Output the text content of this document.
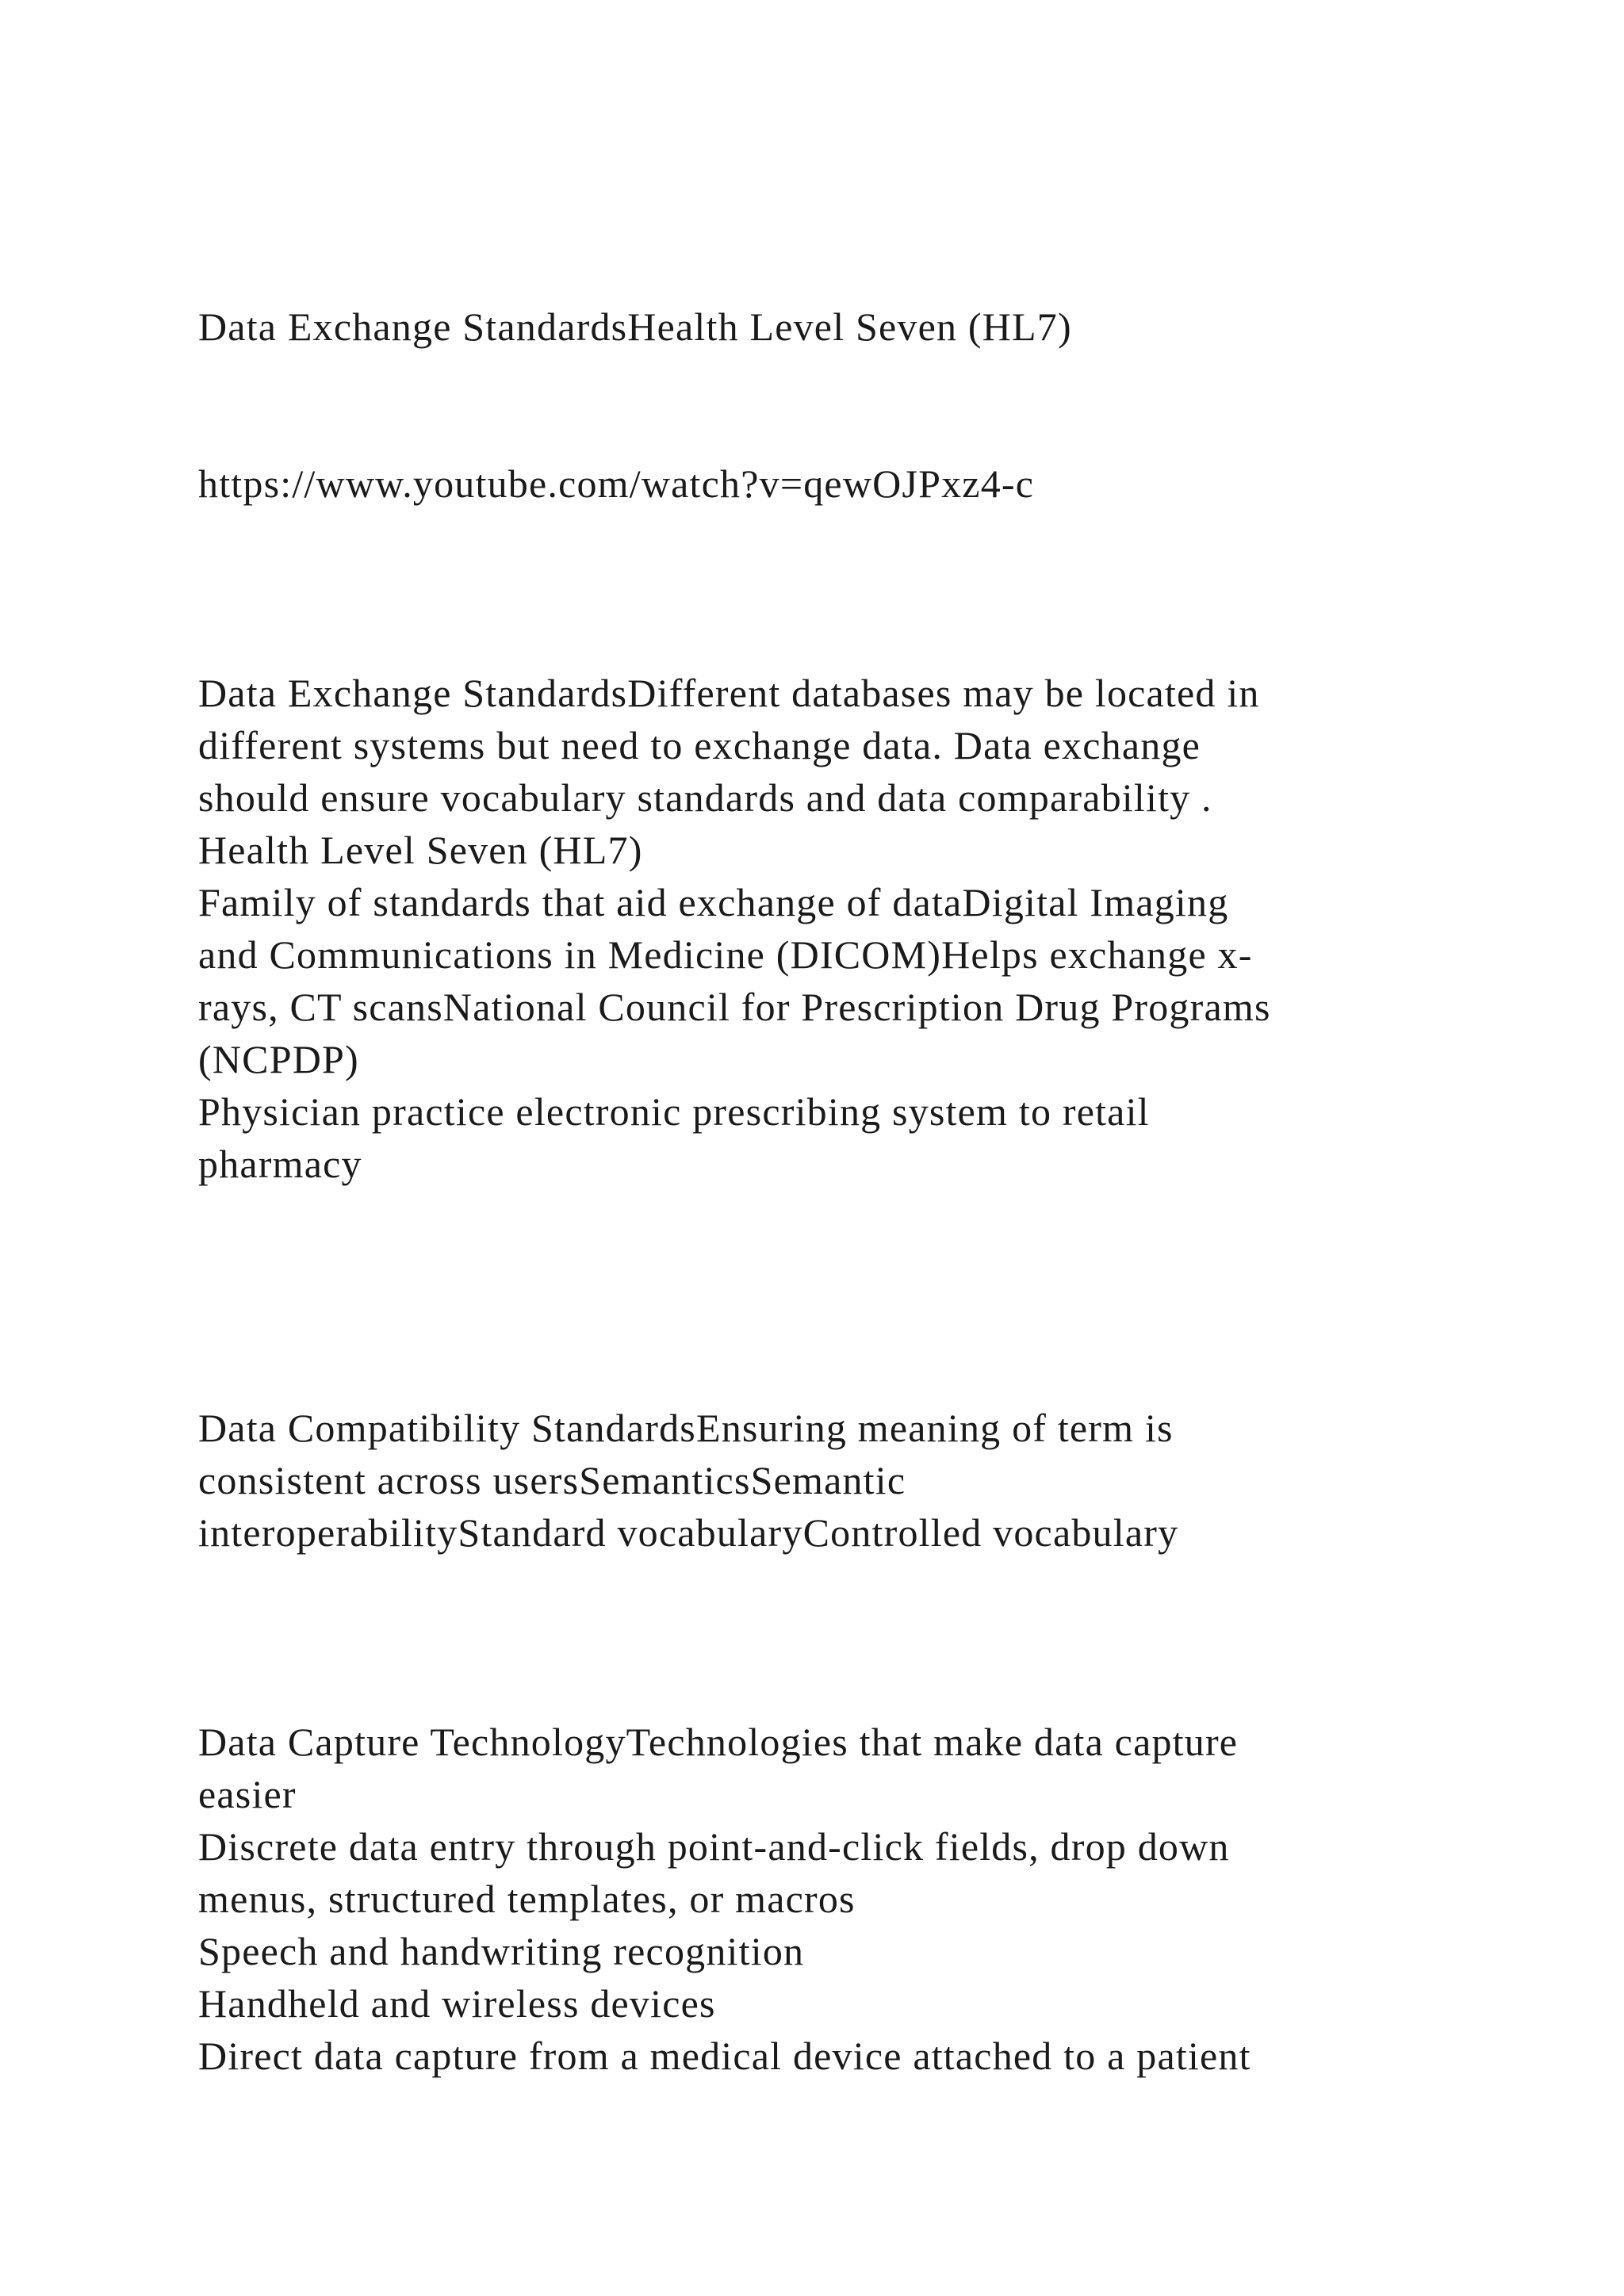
Data Exchange StandardsHealth Level Seven (HL7)

https://www.youtube.com/watch?v=qewOJPxz4-c

Data Exchange StandardsDifferent databases may be located in
different systems but need to exchange data. Data exchange
should ensure vocabulary standards and data comparability .
Health Level Seven (HL7)
Family of standards that aid exchange of dataDigital Imaging
and Communications in Medicine (DICOM)Helps exchange x-
rays, CT scansNational Council for Prescription Drug Programs
(NCPDP)
Physician practice electronic prescribing system to retail
pharmacy

Data Compatibility StandardsEnsuring meaning of term is
consistent across usersSemanticsSemantic
interoperabilityStandard vocabularyControlled vocabulary

Data Capture TechnologyTechnologies that make data capture
easier
Discrete data entry through point-and-click fields, drop down
menus, structured templates, or macros
Speech and handwriting recognition
Handheld and wireless devices
Direct data capture from a medical device attached to a patient
